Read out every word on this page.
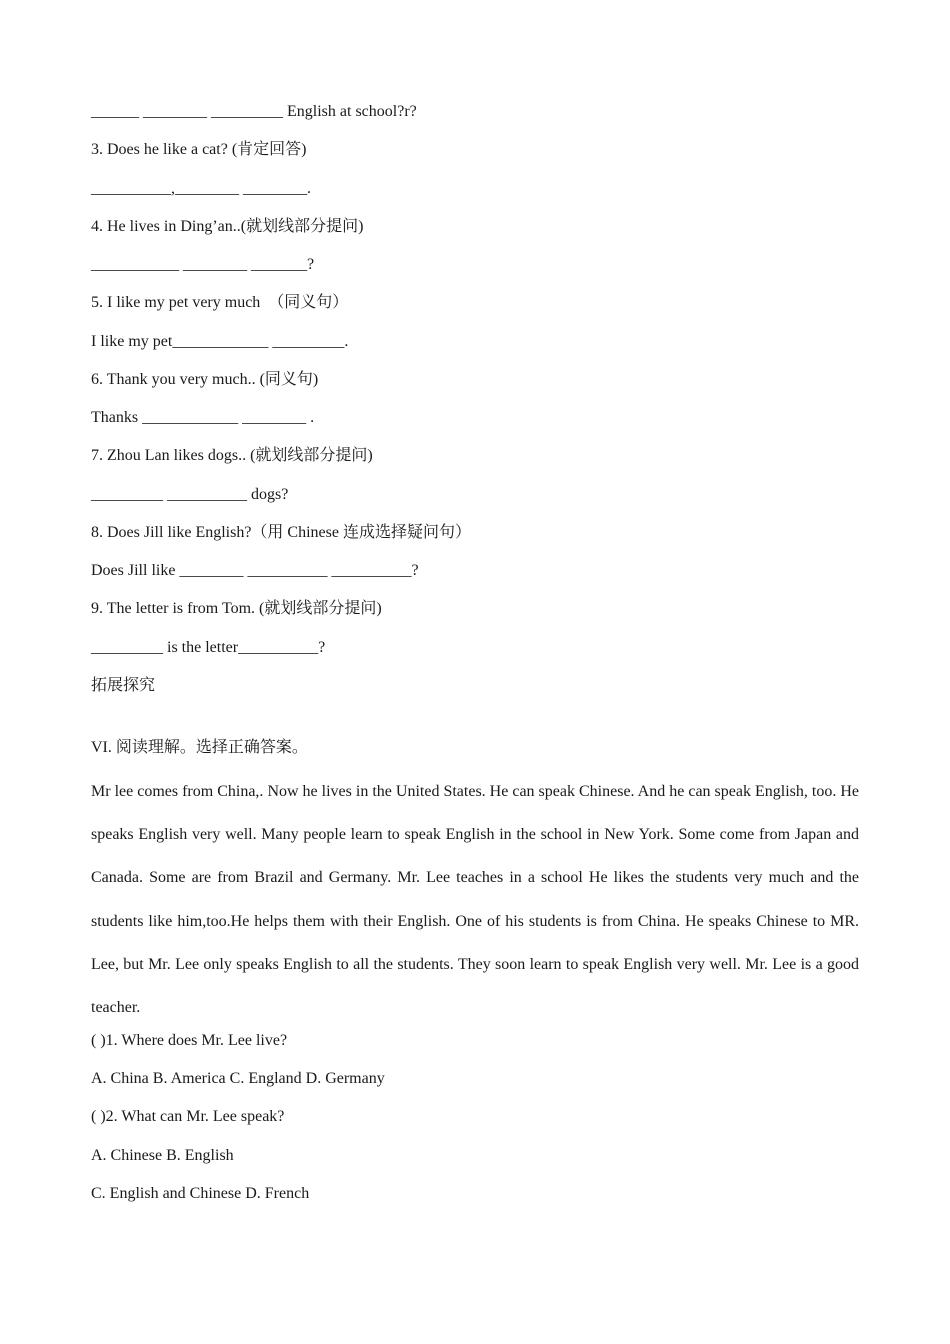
______ ________ _________ English at school?r?
3. Does he like a cat? (肯定回答)
__________,________ ________.
4. He lives in Ding’an..(就划线部分提问)
___________ ________ _______?
5. I like my pet very much  （同义句）
I like my pet____________ _________.
6. Thank you very much.. (同义句)
Thanks ____________ ________ .
7. Zhou Lan likes dogs.. (就划线部分提问)
_________ __________ dogs?
8. Does Jill like English?（用 Chinese 连成选择疑问句）
Does Jill like ________ __________ __________?
9. The letter is from Tom. (就划线部分提问)
_________ is the letter__________?
拓展探究
VI. 阅读理解。选择正确答案。
Mr lee comes from China,. Now he lives in the United States. He can speak Chinese. And he can speak English, too. He speaks English very well. Many people learn to speak English in the school in New York. Some come from Japan and Canada. Some are from Brazil and Germany. Mr. Lee teaches in a school He likes the students very much and the students like him,too.He helps them with their English. One of his students is from China. He speaks Chinese to MR. Lee, but Mr. Lee only speaks English to all the students. They soon learn to speak English very well. Mr. Lee is a good teacher.
( )1. Where does Mr. Lee live?
A. China B. America C. England D. Germany
( )2. What can Mr. Lee speak?
A. Chinese B. English
C. English and Chinese D. French
